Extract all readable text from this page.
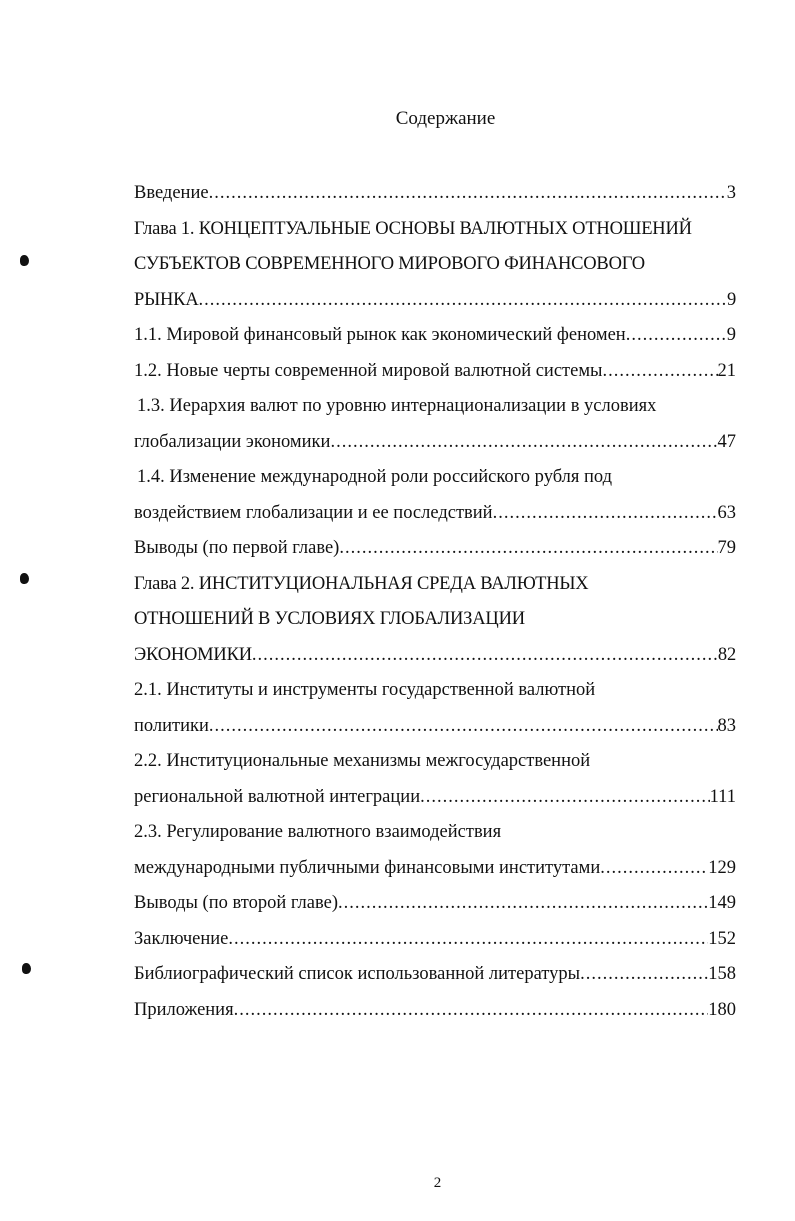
Содержание
Введение .....	3
Глава 1. КОНЦЕПТУАЛЬНЫЕ ОСНОВЫ ВАЛЮТНЫХ ОТНОШЕНИЙ
СУБЪЕКТОВ СОВРЕМЕННОГО МИРОВОГО ФИНАНСОВОГО
РЫНКА .....	9
1.1. Мировой финансовый рынок как экономический феномен .....	9
1.2. Новые черты современной мировой валютной системы .....	21
1.3. Иерархия валют по уровню интернационализации в условиях
глобализации экономики .....	47
1.4. Изменение международной роли российского рубля под
воздействием глобализации и ее последствий .....	63
Выводы (по первой главе) .....	79
Глава 2. ИНСТИТУЦИОНАЛЬНАЯ СРЕДА ВАЛЮТНЫХ
ОТНОШЕНИЙ В УСЛОВИЯХ ГЛОБАЛИЗАЦИИ
ЭКОНОМИКИ .....	82
2.1. Институты и инструменты государственной валютной
политики .....	83
2.2. Институциональные механизмы межгосударственной
региональной валютной интеграции .....	111
2.3. Регулирование валютного взаимодействия
международными публичными финансовыми институтами .....	129
Выводы (по второй главе) .....	149
Заключение .....	152
Библиографический список использованной литературы .....	158
Приложения .....	180
2
